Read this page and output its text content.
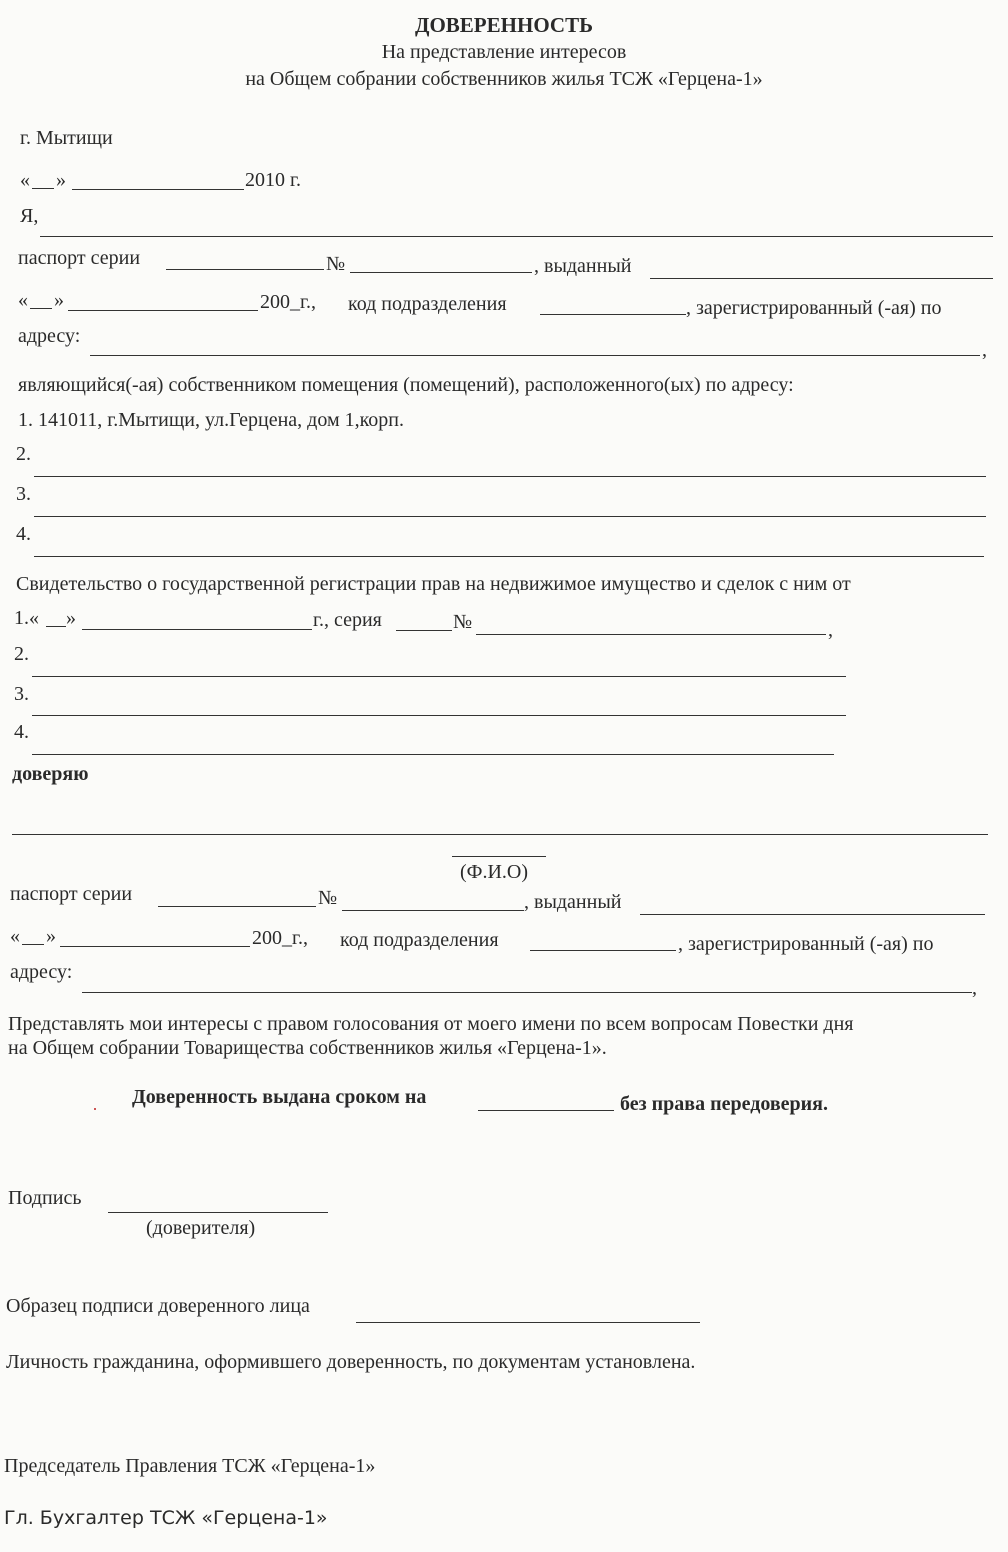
ДОВЕРЕННОСТЬ
На представление интересов
на Общем собрании собственников жилья ТСЖ «Герцена-1»
г. Мытищи
« »	2010 г.
Я,
паспорт серии	№	, выданный
« »	200_г., код подразделения	, зарегистрированный (-ая) по
адресу:
,
являющийся(-ая) собственником помещения (помещений), расположенного(ых) по адресу:
1. 141011, г.Мытищи, ул.Герцена, дом 1,корп.
2.
3.
4.
Свидетельство о государственной регистрации прав на недвижимое имущество и сделок с ним от
1.« »	г., серия	№	,
2.
3.
4.
доверяю
(Ф.И.О)
паспорт серии	№	, выданный
« »	200_г., код подразделения	, зарегистрированный (-ая) по
адресу:
,
Представлять мои интересы с правом голосования от моего имени по всем вопросам Повестки дня
на Общем собрании Товарищества собственников жилья «Герцена-1».
Доверенность выдана сроком на	без права передоверия.
Подпись
(доверителя)
Образец подписи доверенного лица
Личность гражданина, оформившего доверенность, по документам установлена.
Председатель Правления ТСЖ «Герцена-1»
Гл. Бухгалтер ТСЖ «Герцена-1»
